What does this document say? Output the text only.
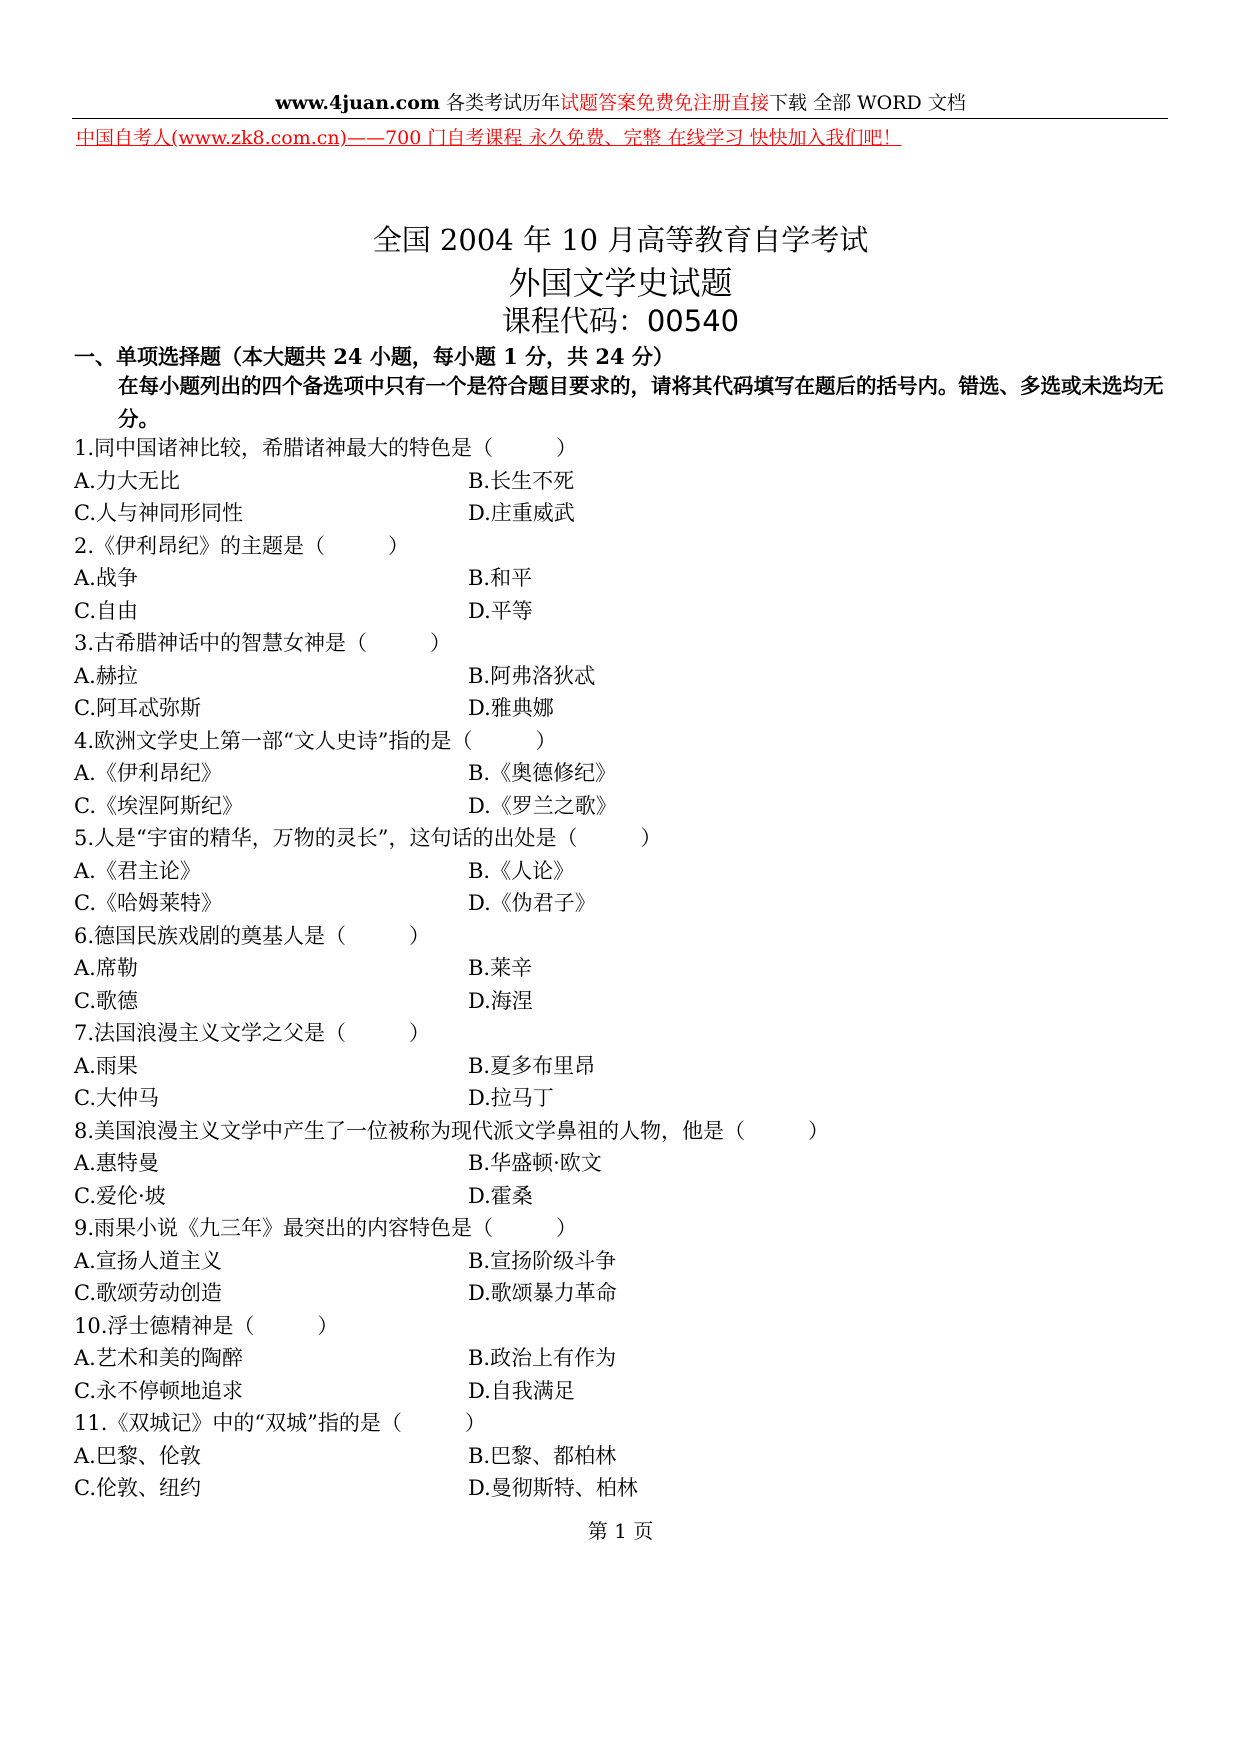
www.4juan.com 各类考试历年试题答案免费免注册直接下载 全部 WORD 文档
中国自考人(www.zk8.com.cn)——700 门自考课程 永久免费、完整 在线学习 快快加入我们吧！
全国 2004 年 10 月高等教育自学考试
外国文学史试题
课程代码：00540
一、单项选择题（本大题共 24 小题，每小题 1 分，共 24 分）
在每小题列出的四个备选项中只有一个是符合题目要求的，请将其代码填写在题后的括号内。错选、多选或未选均无分。
1.同中国诸神比较，希腊诸神最大的特色是（　　　）
A.力大无比	B.长生不死
C.人与神同形同性	D.庄重威武
2.《伊利昂纪》的主题是（　　　）
A.战争	B.和平
C.自由	D.平等
3.古希腊神话中的智慧女神是（　　　）
A.赫拉	B.阿弗洛狄忒
C.阿耳忒弥斯	D.雅典娜
4.欧洲文学史上第一部“文人史诗”指的是（　　　）
A.《伊利昂纪》	B.《奥德修纪》
C.《埃涅阿斯纪》	D.《罗兰之歌》
5.人是“宇宙的精华，万物的灵长”，这句话的出处是（　　　）
A.《君主论》	B.《人论》
C.《哈姆莱特》	D.《伪君子》
6.德国民族戏剧的奠基人是（　　　）
A.席勒	B.莱辛
C.歌德	D.海涅
7.法国浪漫主义文学之父是（　　　）
A.雨果	B.夏多布里昂
C.大仲马	D.拉马丁
8.美国浪漫主义文学中产生了一位被称为现代派文学鼻祖的人物，他是（　　　）
A.惠特曼	B.华盛顿·欧文
C.爱伦·坡	D.霍桑
9.雨果小说《九三年》最突出的内容特色是（　　　）
A.宣扬人道主义	B.宣扬阶级斗争
C.歌颂劳动创造	D.歌颂暴力革命
10.浮士德精神是（　　　）
A.艺术和美的陶醉	B.政治上有作为
C.永不停顿地追求	D.自我满足
11.《双城记》中的“双城”指的是（　　　）
A.巴黎、伦敦	B.巴黎、都柏林
C.伦敦、纽约	D.曼彻斯特、柏林
第 1 页
